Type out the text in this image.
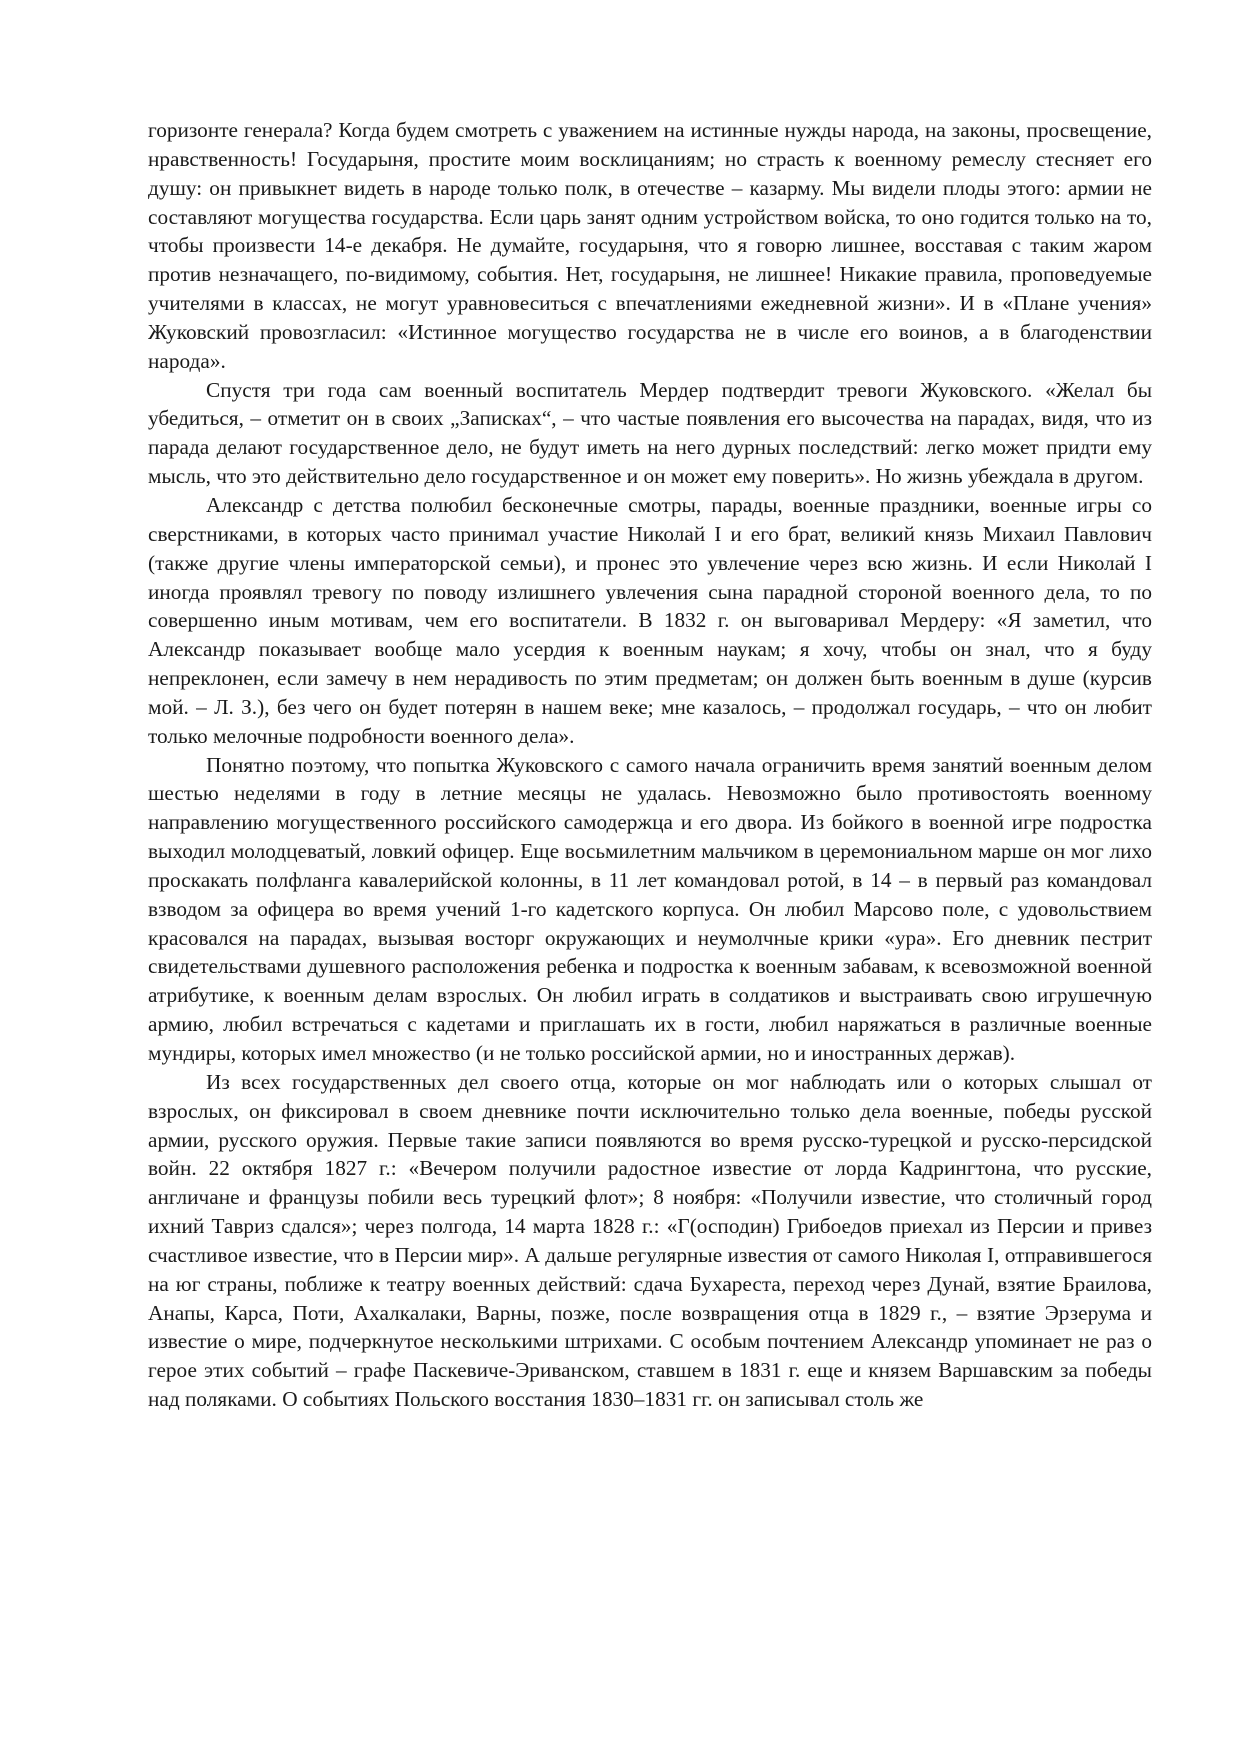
горизонте генерала? Когда будем смотреть с уважением на истинные нужды народа, на законы, просвещение, нравственность! Государыня, простите моим восклицаниям; но страсть к военному ремеслу стесняет его душу: он привыкнет видеть в народе только полк, в отечестве – казарму. Мы видели плоды этого: армии не составляют могущества государства. Если царь занят одним устройством войска, то оно годится только на то, чтобы произвести 14-е декабря. Не думайте, государыня, что я говорю лишнее, восставая с таким жаром против незначащего, по-видимому, события. Нет, государыня, не лишнее! Никакие правила, проповедуемые учителями в классах, не могут уравновеситься с впечатлениями ежедневной жизни». И в «Плане учения» Жуковский провозгласил: «Истинное могущество государства не в числе его воинов, а в благоденствии народа».

Спустя три года сам военный воспитатель Мердер подтвердит тревоги Жуковского. «Желал бы убедиться, – отметит он в своих „Записках“, – что частые появления его высочества на парадах, видя, что из парада делают государственное дело, не будут иметь на него дурных последствий: легко может придти ему мысль, что это действительно дело государственное и он может ему поверить». Но жизнь убеждала в другом.

Александр с детства полюбил бесконечные смотры, парады, военные праздники, военные игры со сверстниками, в которых часто принимал участие Николай I и его брат, великий князь Михаил Павлович (также другие члены императорской семьи), и пронес это увлечение через всю жизнь. И если Николай I иногда проявлял тревогу по поводу излишнего увлечения сына парадной стороной военного дела, то по совершенно иным мотивам, чем его воспитатели. В 1832 г. он выговаривал Мердеру: «Я заметил, что Александр показывает вообще мало усердия к военным наукам; я хочу, чтобы он знал, что я буду непреклонен, если замечу в нем нерадивость по этим предметам; он должен быть военным в душе (курсив мой. – Л. З.), без чего он будет потерян в нашем веке; мне казалось, – продолжал государь, – что он любит только мелочные подробности военного дела».

Понятно поэтому, что попытка Жуковского с самого начала ограничить время занятий военным делом шестью неделями в году в летние месяцы не удалась. Невозможно было противостоять военному направлению могущественного российского самодержца и его двора. Из бойкого в военной игре подростка выходил молодцеватый, ловкий офицер. Еще восьмилетним мальчиком в церемониальном марше он мог лихо проскакать полфланга кавалерийской колонны, в 11 лет командовал ротой, в 14 – в первый раз командовал взводом за офицера во время учений 1-го кадетского корпуса. Он любил Марсово поле, с удовольствием красовался на парадах, вызывая восторг окружающих и неумолчные крики «ура». Его дневник пестрит свидетельствами душевного расположения ребенка и подростка к военным забавам, к всевозможной военной атрибутике, к военным делам взрослых. Он любил играть в солдатиков и выстраивать свою игрушечную армию, любил встречаться с кадетами и приглашать их в гости, любил наряжаться в различные военные мундиры, которых имел множество (и не только российской армии, но и иностранных держав).

Из всех государственных дел своего отца, которые он мог наблюдать или о которых слышал от взрослых, он фиксировал в своем дневнике почти исключительно только дела военные, победы русской армии, русского оружия. Первые такие записи появляются во время русско-турецкой и русско-персидской войн. 22 октября 1827 г.: «Вечером получили радостное известие от лорда Кадрингтона, что русские, англичане и французы побили весь турецкий флот»; 8 ноября: «Получили известие, что столичный город ихний Тавриз сдался»; через полгода, 14 марта 1828 г.: «Г(осподин) Грибоедов приехал из Персии и привез счастливое известие, что в Персии мир». А дальше регулярные известия от самого Николая I, отправившегося на юг страны, поближе к театру военных действий: сдача Бухареста, переход через Дунай, взятие Браилова, Анапы, Карса, Поти, Ахалкалаки, Варны, позже, после возвращения отца в 1829 г., – взятие Эрзерума и известие о мире, подчеркнутое несколькими штрихами. С особым почтением Александр упоминает не раз о герое этих событий – графе Паскевиче-Эриванском, ставшем в 1831 г. еще и князем Варшавским за победы над поляками. О событиях Польского восстания 1830–1831 гг. он записывал столь же
